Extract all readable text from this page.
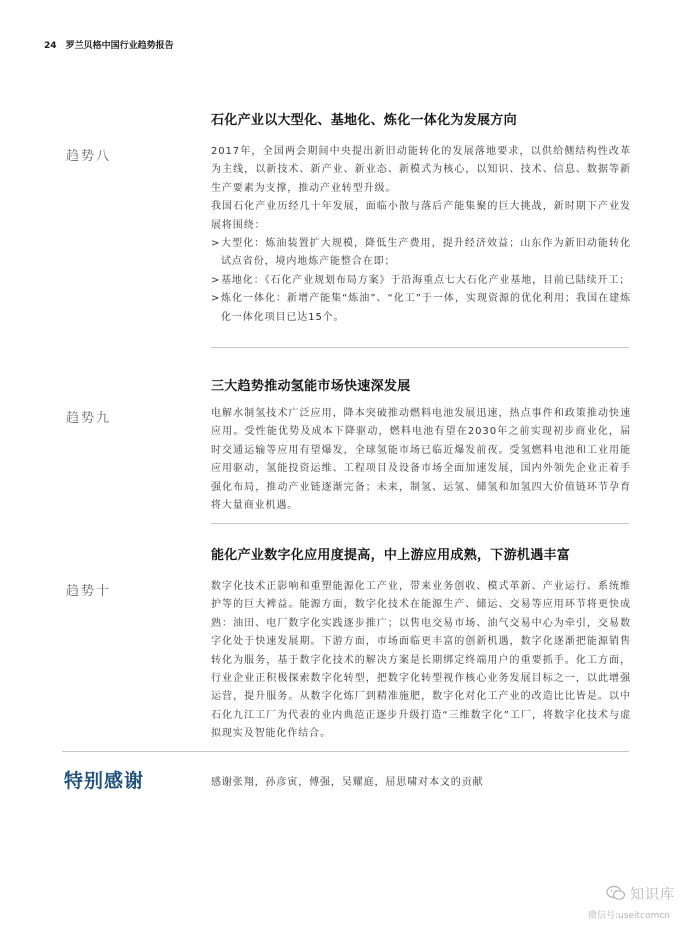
24 罗兰贝格中国行业趋势报告
石化产业以大型化、基地化、炼化一体化为发展方向
趋势八	2017年，全国两会期间中央提出新旧动能转化的发展落地要求，以供给侧结构性改革为主线，以新技术、新产业、新业态、新模式为核心，以知识、技术、信息、数据等新生产要素为支撑，推动产业转型升级。

我国石化产业历经几十年发展，面临小散与落后产能集聚的巨大挑战，新时期下产业发展将围绕：

> 大型化：炼油装置扩大规模，降低生产费用，提升经济效益；山东作为新旧动能转化试点省份，境内地炼产能整合在即；
> 基地化：《石化产业规划布局方案》于沿海重点七大石化产业基地，目前已陆续开工；
> 炼化一体化：新增产能集“炼油”、“化工”于一体，实现资源的优化利用；我国在建炼化一体化项目已达15个。
三大趋势推动氢能市场快速深发展
趋势九	电解水制氢技术广泛应用，降本突破推动燃料电池发展迅速，热点事件和政策推动快速应用。受性能优势及成本下降驱动，燃料电池有望在2030年之前实现初步商业化，届时交通运输等应用有望爆发，全球氢能市场已临近爆发前夜。受氢燃料电池和工业用能应用驱动，氢能投资运维、工程项目及设备市场全面加速发展，国内外领先企业正着手强化布局，推动产业链逐渐完备；未来，制氢、运氢、储氢和加氢四大价值链环节孕育将大量商业机遇。

能化产业数字化应用度提高，中上游应用成熟，下游机遇丰富
趋势十	数字化技术正影响和重塑能源化工产业，带来业务创收、模式革新、产业运行、系统维护等的巨大裨益。能源方面，数字化技术在能源生产、储运、交易等应用环节将更快成熟：油田、电厂数字化实践逐步推广；以售电交易市场、油气交易中心为牵引，交易数字化处于快速发展期。下游方面，市场面临更丰富的创新机遇，数字化逐渐把能源销售转化为服务，基于数字化技术的解决方案是长期绑定终端用户的重要抓手。化工方面，行业企业正积极探索数字化转型，把数字化转型视作核心业务发展目标之一，以此增强运营，提升服务。从数字化炼厂到精准施肥，数字化对化工产业的改造比比皆是。以中石化九江工厂为代表的业内典范正逐步升级打造“三维数字化”工厂，将数字化技术与虚拟现实及智能化作结合。

特别感谢	感谢张翔，孙彦寅，傅强，吴耀庭，屈思啸对本文的贡献
知识库
微信号:useitcomcn
